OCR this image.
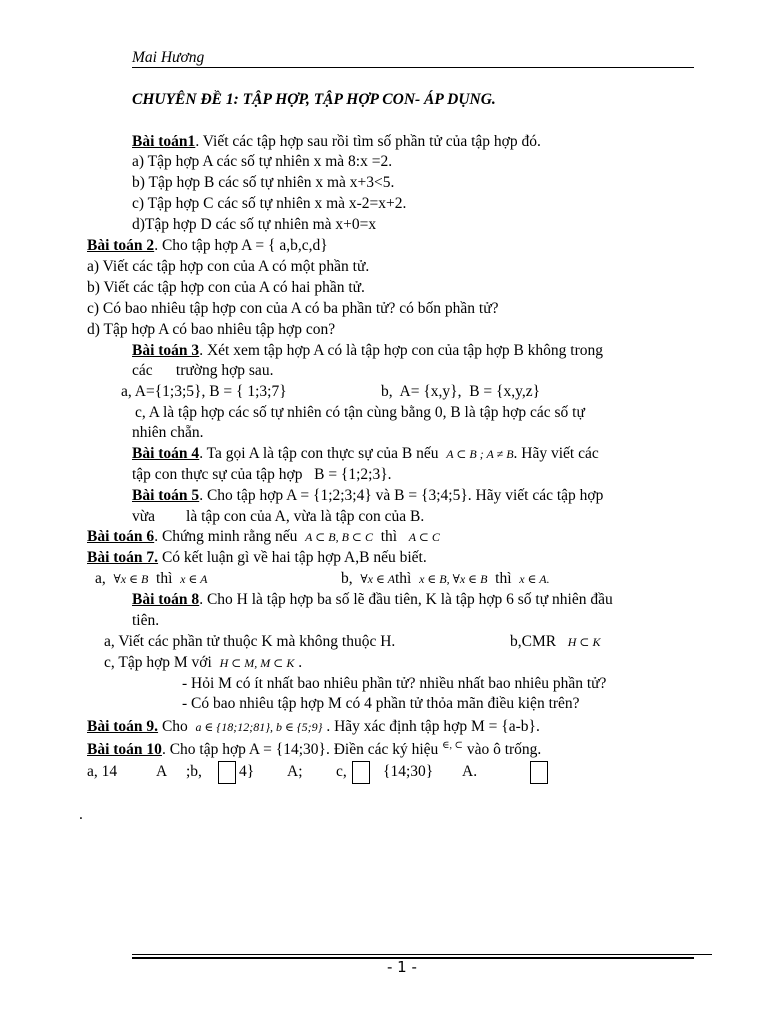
Mai Hương
CHUYÊN ĐỀ 1: TẬP HỢP, TẬP HỢP CON- ÁP DỤNG.
Bài toán1. Viết các tập hợp sau rồi tìm số phần tử của tập hợp đó.
a) Tập hợp A các số tự nhiên x mà 8:x =2.
b) Tập hợp B các số tự nhiên x mà x+3<5.
c) Tập hợp C các số tự nhiên x mà x-2=x+2.
d)Tập hợp D các số tự nhiên mà x+0=x
Bài toán 2. Cho tập hợp A = { a,b,c,d}
a) Viết các tập hợp con của A có một phần tử.
b) Viết các tập hợp con của A có hai phần tử.
c) Có bao nhiêu tập hợp con của A có ba phần tử? có bốn phần tử?
d) Tập hợp A có bao nhiêu tập hợp con?
Bài toán 3. Xét xem tập hợp A có là tập hợp con của tập hợp B không trong
các      trường hợp sau.
a, A={1;3;5}, B = { 1;3;7}	b,  A= {x,y},  B = {x,y,z}
c, A là tập hợp các số tự nhiên có tận cùng bằng 0, B là tập hợp các số tự
nhiên chẵn.
Bài toán 4. Ta gọi A là tập con thực sự của B nếu A ⊂ B ; A ≠ B. Hãy viết các
tập con thực sự của tập hợp   B = {1;2;3}.
Bài toán 5. Cho tập hợp A = {1;2;3;4} và B = {3;4;5}. Hãy viết các tập hợp
vừa        là tập con của A, vừa là tập con của B.
Bài toán 6. Chứng minh rằng nếu A ⊂ B, B ⊂ C thì A ⊂ C
Bài toán 7. Có kết luận gì về hai tập hợp A,B nếu biết.
a, ∀x ∈ B thì x ∈ A	b, ∀x ∈ Athì x ∈ B, ∀x ∈ B thì x ∈ A.
Bài toán 8. Cho H là tập hợp ba số lẽ đầu tiên, K là tập hợp 6 số tự nhiên đầu
tiên.
a, Viết các phần tử thuộc K mà không thuộc H.	b,CMR H ⊂ K
c, Tập hợp M với H ⊂ M, M ⊂ K .
- Hỏi M có ít nhất bao nhiêu phần tử? nhiều nhất bao nhiêu phần tử?
- Có bao nhiêu tập hợp M có 4 phần tử thỏa mãn điều kiện trên?
Bài toán 9. Cho a ∈ {18;12;81}, b ∈ {5;9} . Hãy xác định tập hợp M = {a-b}.
Bài toán 10. Cho tập hợp A = {14;30}. Điền các ký hiệu ∈, ⊂ vào ô trống.
a, 14	A ;b, 4} A; c, {14;30} A.
.
- 1 -
